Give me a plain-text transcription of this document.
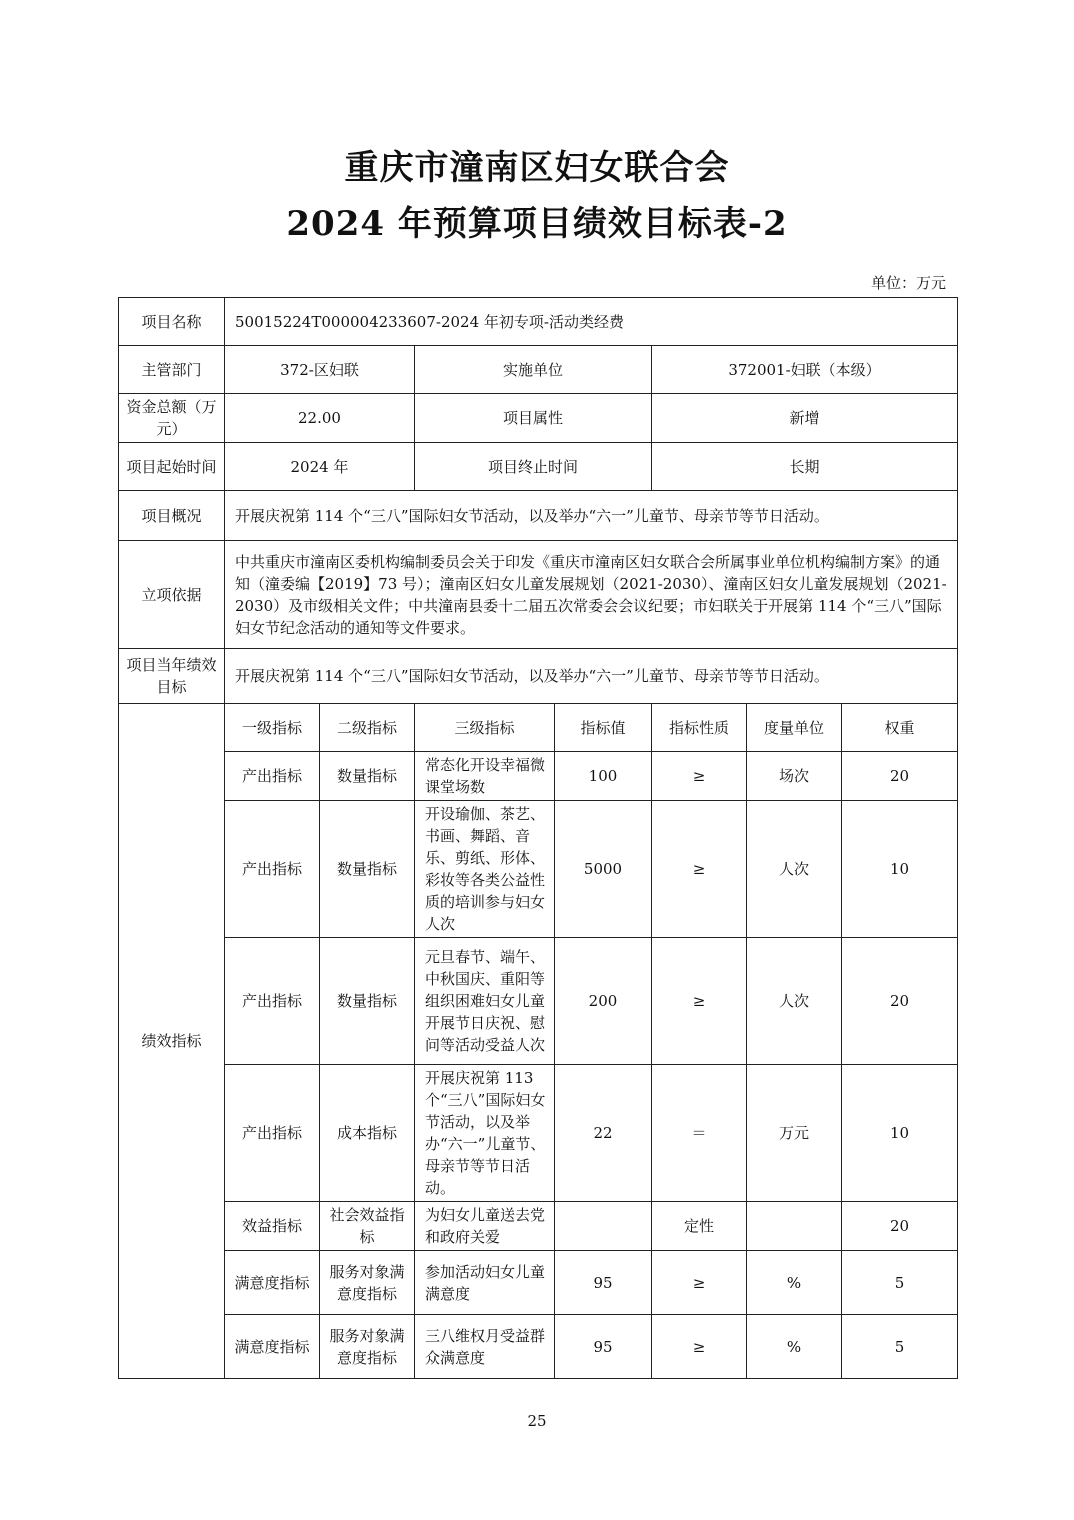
重庆市潼南区妇女联合会
2024 年预算项目绩效目标表-2
单位：万元
项目名称	50015224T000004233607-2024 年初专项-活动类经费						
主管部门	372-区妇联		实施单位		372001-妇联（本级）		
资金总额（万元）	22.00		项目属性		新增		
项目起始时间	2024 年		项目终止时间		长期		
项目概况	开展庆祝第 114 个“三八”国际妇女节活动，以及举办“六一”儿童节、母亲节等节日活动。						
立项依据	中共重庆市潼南区委机构编制委员会关于印发《重庆市潼南区妇女联合会所属事业单位机构编制方案》的通知（潼委编【2019】73 号）；潼南区妇女儿童发展规划（2021-2030）、潼南区妇女儿童发展规划（2021-2030）及市级相关文件；中共潼南县委十二届五次常委会会议纪要；市妇联关于开展第 114 个“三八”国际妇女节纪念活动的通知等文件要求。						
项目当年绩效目标	开展庆祝第 114 个“三八”国际妇女节活动，以及举办“六一”儿童节、母亲节等节日活动。						
绩效指标	一级指标	二级指标	三级指标	指标值	指标性质	度量单位	权重
	产出指标	数量指标	常态化开设幸福微课堂场数	100	≥	场次	20
	产出指标	数量指标	开设瑜伽、茶艺、书画、舞蹈、音乐、剪纸、形体、彩妆等各类公益性质的培训参与妇女人次	5000	≥	人次	10
	产出指标	数量指标	元旦春节、端午、中秋国庆、重阳等组织困难妇女儿童开展节日庆祝、慰问等活动受益人次	200	≥	人次	20
	产出指标	成本指标	开展庆祝第 113 个“三八”国际妇女节活动，以及举办“六一”儿童节、母亲节等节日活动。	22	＝	万元	10
	效益指标	社会效益指标	为妇女儿童送去党和政府关爱		定性		20
	满意度指标	服务对象满意度指标	参加活动妇女儿童满意度	95	≥	%	5
	满意度指标	服务对象满意度指标	三八维权月受益群众满意度	95	≥	%	5
25
